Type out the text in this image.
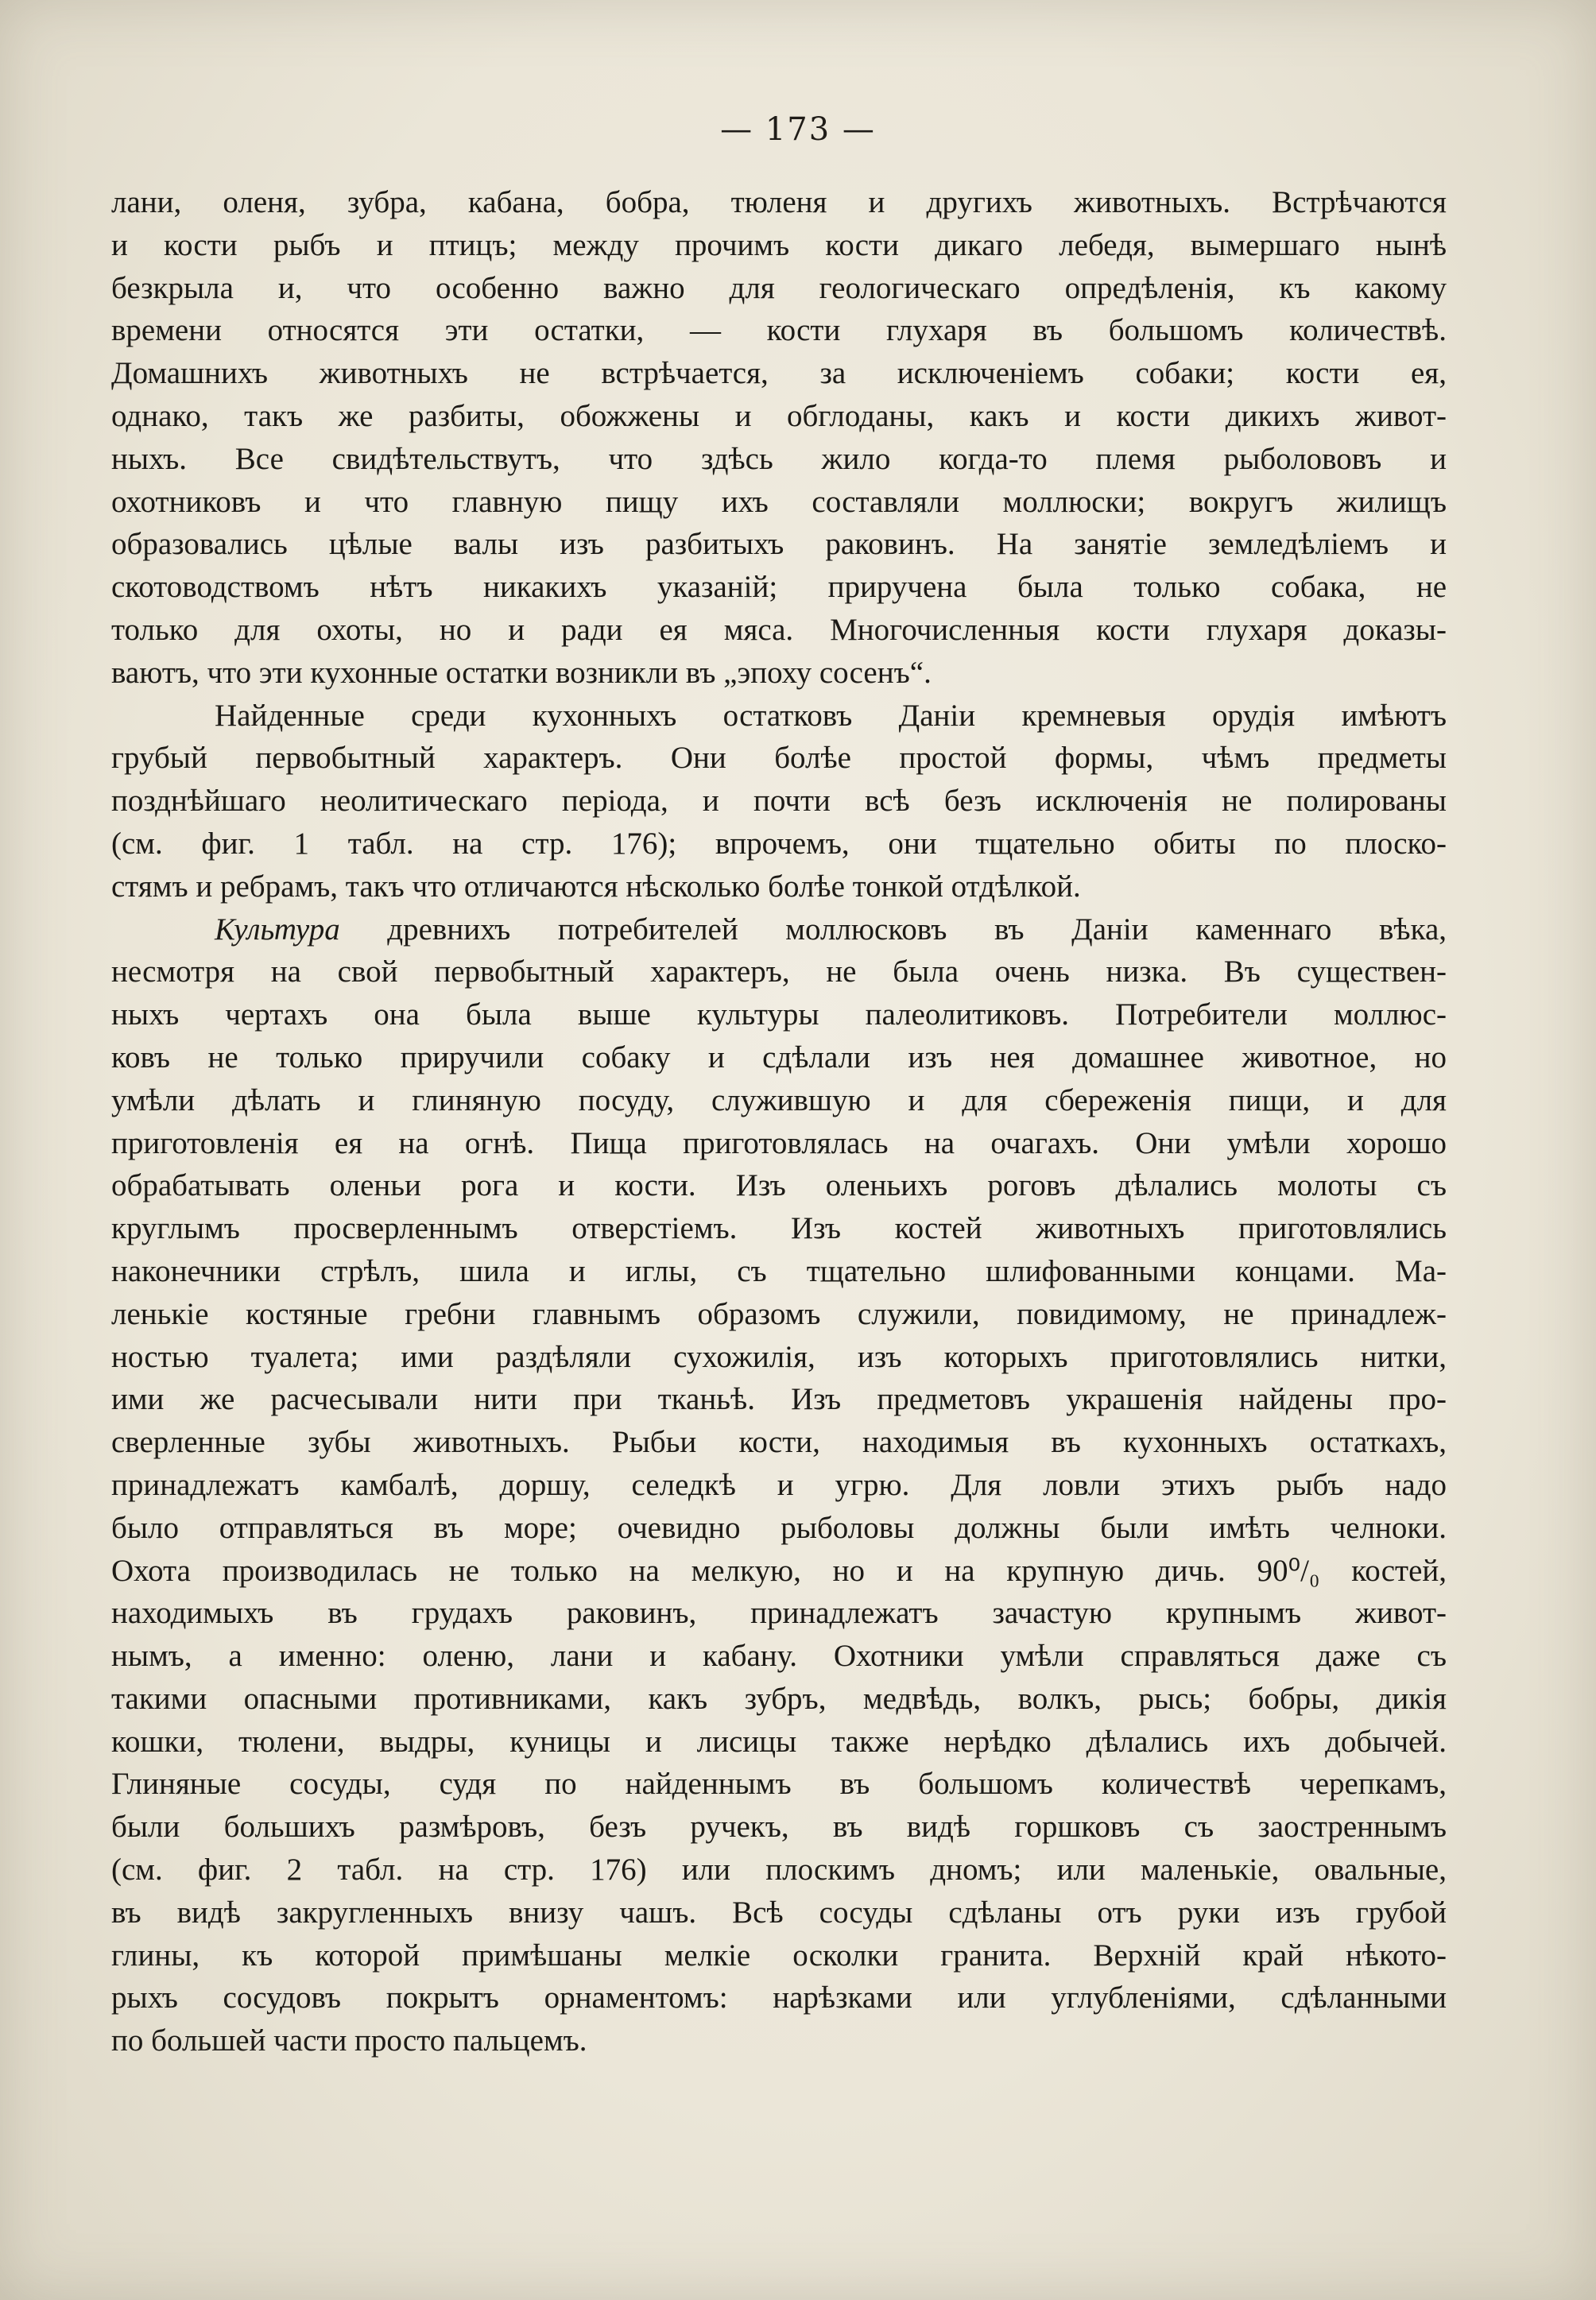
— 173 —
лани, оленя, зубра, кабана, бобра, тюленя и другихъ животныхъ. Встрѣчаются
и кости рыбъ и птицъ; между прочимъ кости дикаго лебедя, вымершаго нынѣ
безкрыла и, что особенно важно для геологическаго опредѣленія, къ какому
времени относятся эти остатки, — кости глухаря въ большомъ количествѣ.
Домашнихъ животныхъ не встрѣчается, за исключеніемъ собаки; кости ея,
однако, такъ же разбиты, обожжены и обглоданы, какъ и кости дикихъ живот-
ныхъ. Все свидѣтельствутъ, что здѣсь жило когда-то племя рыболововъ и
охотниковъ и что главную пищу ихъ составляли моллюски; вокругъ жилищъ
образовались цѣлые валы изъ разбитыхъ раковинъ. На занятіе земледѣліемъ и
скотоводствомъ нѣтъ никакихъ указаній; приручена была только собака, не
только для охоты, но и ради ея мяса. Многочисленныя кости глухаря доказы-
ваютъ, что эти кухонные остатки возникли въ „эпоху сосенъ“.
Найденные среди кухонныхъ остатковъ Даніи кремневыя орудія имѣютъ
грубый первобытный характеръ. Они болѣе простой формы, чѣмъ предметы
позднѣйшаго неолитическаго періода, и почти всѣ безъ исключенія не полированы
(см. фиг. 1 табл. на стр. 176); впрочемъ, они тщательно обиты по плоско-
стямъ и ребрамъ, такъ что отличаются нѣсколько болѣе тонкой отдѣлкой.
Культура древнихъ потребителей моллюсковъ въ Даніи каменнаго вѣка,
несмотря на свой первобытный характеръ, не была очень низка. Въ существен-
ныхъ чертахъ она была выше культуры палеолитиковъ. Потребители моллюс-
ковъ не только приручили собаку и сдѣлали изъ нея домашнее животное, но
умѣли дѣлать и глиняную посуду, служившую и для сбереженія пищи, и для
приготовленія ея на огнѣ. Пища приготовлялась на очагахъ. Они умѣли хорошо
обрабатывать оленьи рога и кости. Изъ оленьихъ роговъ дѣлались молоты съ
круглымъ просверленнымъ отверстіемъ. Изъ костей животныхъ приготовлялись
наконечники стрѣлъ, шила и иглы, съ тщательно шлифованными концами. Ма-
ленькіе костяные гребни главнымъ образомъ служили, повидимому, не принадлеж-
ностью туалета; ими раздѣляли сухожилія, изъ которыхъ приготовлялись нитки,
ими же расчесывали нити при тканьѣ. Изъ предметовъ украшенія найдены про-
сверленные зубы животныхъ. Рыбьи кости, находимыя въ кухонныхъ остаткахъ,
принадлежатъ камбалѣ, доршу, селедкѣ и угрю. Для ловли этихъ рыбъ надо
было отправляться въ море; очевидно рыболовы должны были имѣть челноки.
Охота производилась не только на мелкую, но и на крупную дичь. 90⁰/₀ костей,
находимыхъ въ грудахъ раковинъ, принадлежатъ зачастую крупнымъ живот-
нымъ, а именно: оленю, лани и кабану. Охотники умѣли справляться даже съ
такими опасными противниками, какъ зубръ, медвѣдь, волкъ, рысь; бобры, дикія
кошки, тюлени, выдры, куницы и лисицы также нерѣдко дѣлались ихъ добычей.
Глиняные сосуды, судя по найденнымъ въ большомъ количествѣ черепкамъ,
были большихъ размѣровъ, безъ ручекъ, въ видѣ горшковъ съ заостреннымъ
(см. фиг. 2 табл. на стр. 176) или плоскимъ дномъ; или маленькіе, овальные,
въ видѣ закругленныхъ внизу чашъ. Всѣ сосуды сдѣланы отъ руки изъ грубой
глины, къ которой примѣшаны мелкіе осколки гранита. Верхній край нѣкото-
рыхъ сосудовъ покрытъ орнаментомъ: нарѣзками или углубленіями, сдѣланными
по большей части просто пальцемъ.
